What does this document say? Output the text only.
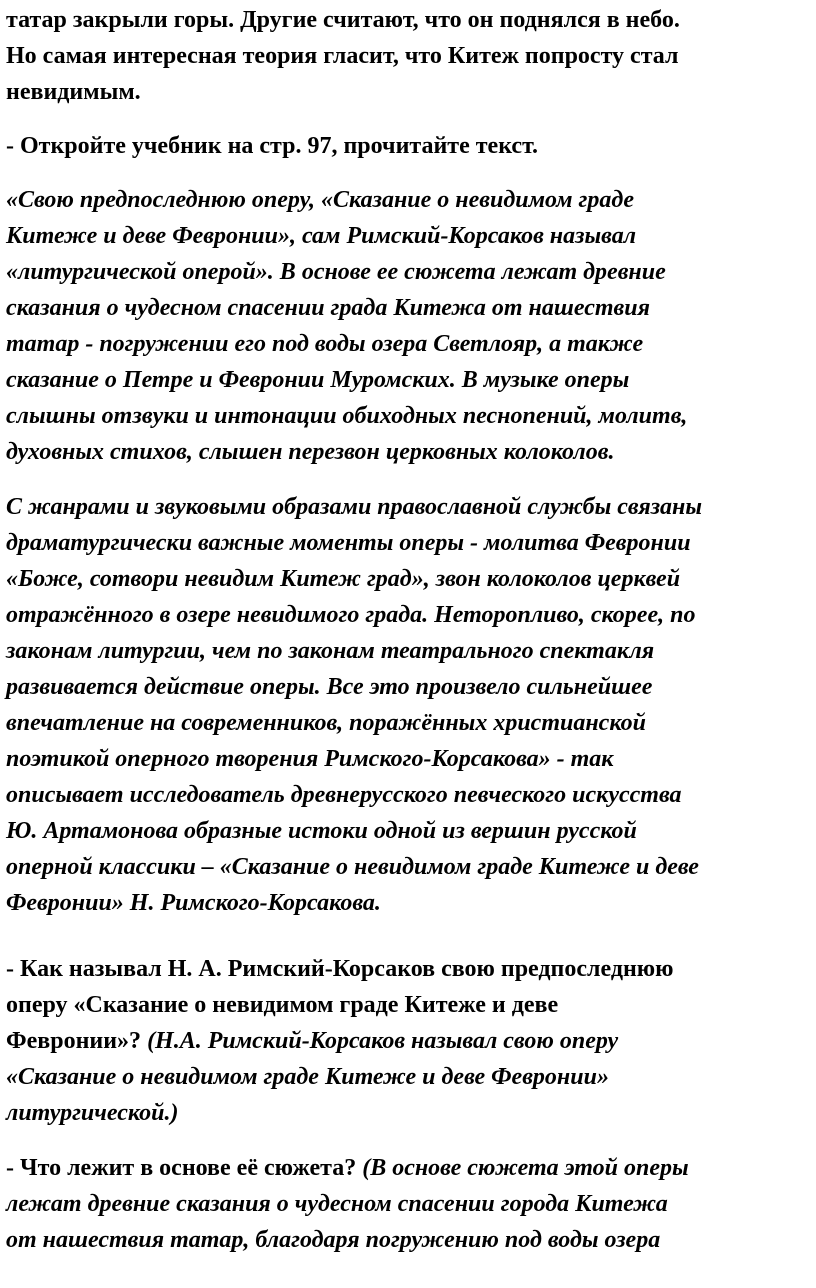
татар закрыли горы. Другие считают, что он поднялся в небо.
Но самая интересная теория гласит, что Китеж попросту стал
невидимым.

- Откройте учебник на стр. 97, прочитайте текст.

«Свою предпоследнюю оперу, «Сказание о невидимом граде
Китеже и деве Февронии», сам Римский-Корсаков называл
«литургической оперой». В основе ее сюжета лежат древние
сказания о чудесном спасении града Китежа от нашествия
татар - погружении его под воды озера Светлояр, а также
сказание о Петре и Февронии Муромских. В музыке оперы
слышны отзвуки и интонации обиходных песнопений, молитв,
духовных стихов, слышен перезвон церковных колоколов.

С жанрами и звуковыми образами православной службы связаны
драматургически важные моменты оперы - молитва Февронии
«Боже, сотвори невидим Китеж град», звон колоколов церквей
отражённого в озере невидимого града. Неторопливо, скорее, по
законам литургии, чем по законам театрального спектакля
развивается действие оперы. Все это произвело сильнейшее
впечатление на современников, поражённых христианской
поэтикой оперного творения Римского-Корсакова» - так
описывает исследователь древнерусского певческого искусства
Ю. Артамонова образные истоки одной из вершин русской
оперной классики – «Сказание о невидимом граде Китеже и деве
Февронии» Н. Римского-Корсакова.

- Как называл Н. А. Римский-Корсаков свою предпоследнюю
оперу «Сказание о невидимом граде Китеже и деве
Февронии»? (Н.А. Римский-Корсаков называл свою оперу
«Сказание о невидимом граде Китеже и деве Февронии»
литургической.)

- Что лежит в основе её сюжета? (В основе сюжета этой оперы
лежат древние сказания о чудесном спасении города Китежа
от нашествия татар, благодаря погружению под воды озера
